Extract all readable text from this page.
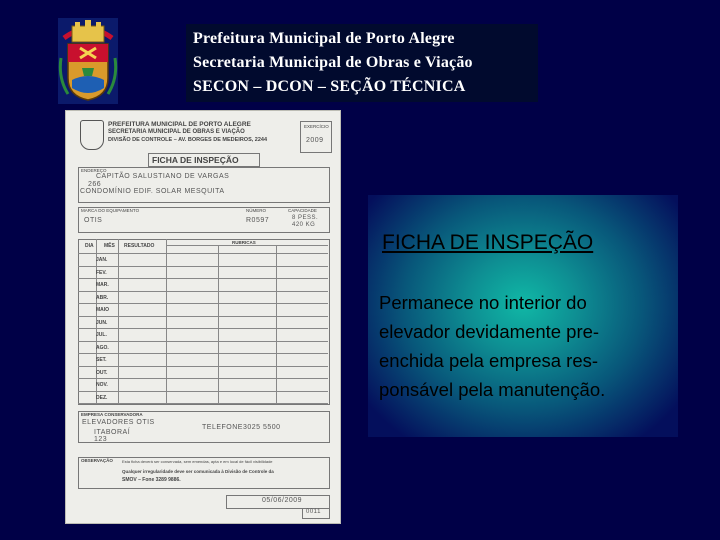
Prefeitura Municipal de Porto Alegre
Secretaria Municipal de Obras e Viação
SECON – DCON – SEÇÃO TÉCNICA
PREFEITURA MUNICIPAL DE PORTO ALEGRE
SECRETARIA MUNICIPAL DE OBRAS E VIAÇÃO
DIVISÃO DE CONTROLE – AV. BORGES DE MEDEIROS, 2244
EXERCÍCIO
2009
FICHA DE INSPEÇÃO
ENDEREÇO
CAPITÃO SALUSTIANO DE VARGAS
266
CONDOMÍNIO EDIF. SOLAR MESQUITA
MARCA DO EQUIPAMENTO
OTIS
NÚMERO
R0597
CAPACIDADE
8 PESS.
420 KG
DIA MÊS RESULTADO
RUBRICAS
EMPRESA CONSERVADORA
ELEVADORES OTIS
ITABORAÍ
123
TELEFONE3025 5500
OBSERVAÇÃO Esta ficha deverá ser conservada, sem emendas, apta e em local de fácil visibilidade
Qualquer irregularidade deve ser comunicada à Divisão de Controle da
SMOV – Fone 3289 9886.
05/06/2009
0011
JAN.
FEV.
MAR.
ABR.
MAIO
JUN.
JUL.
AGO.
SET.
OUT.
NOV.
DEZ.
FICHA DE INSPEÇÃO
Permanece no interior do
elevador devidamente pre-
enchida pela empresa res-
ponsável pela manutenção.
